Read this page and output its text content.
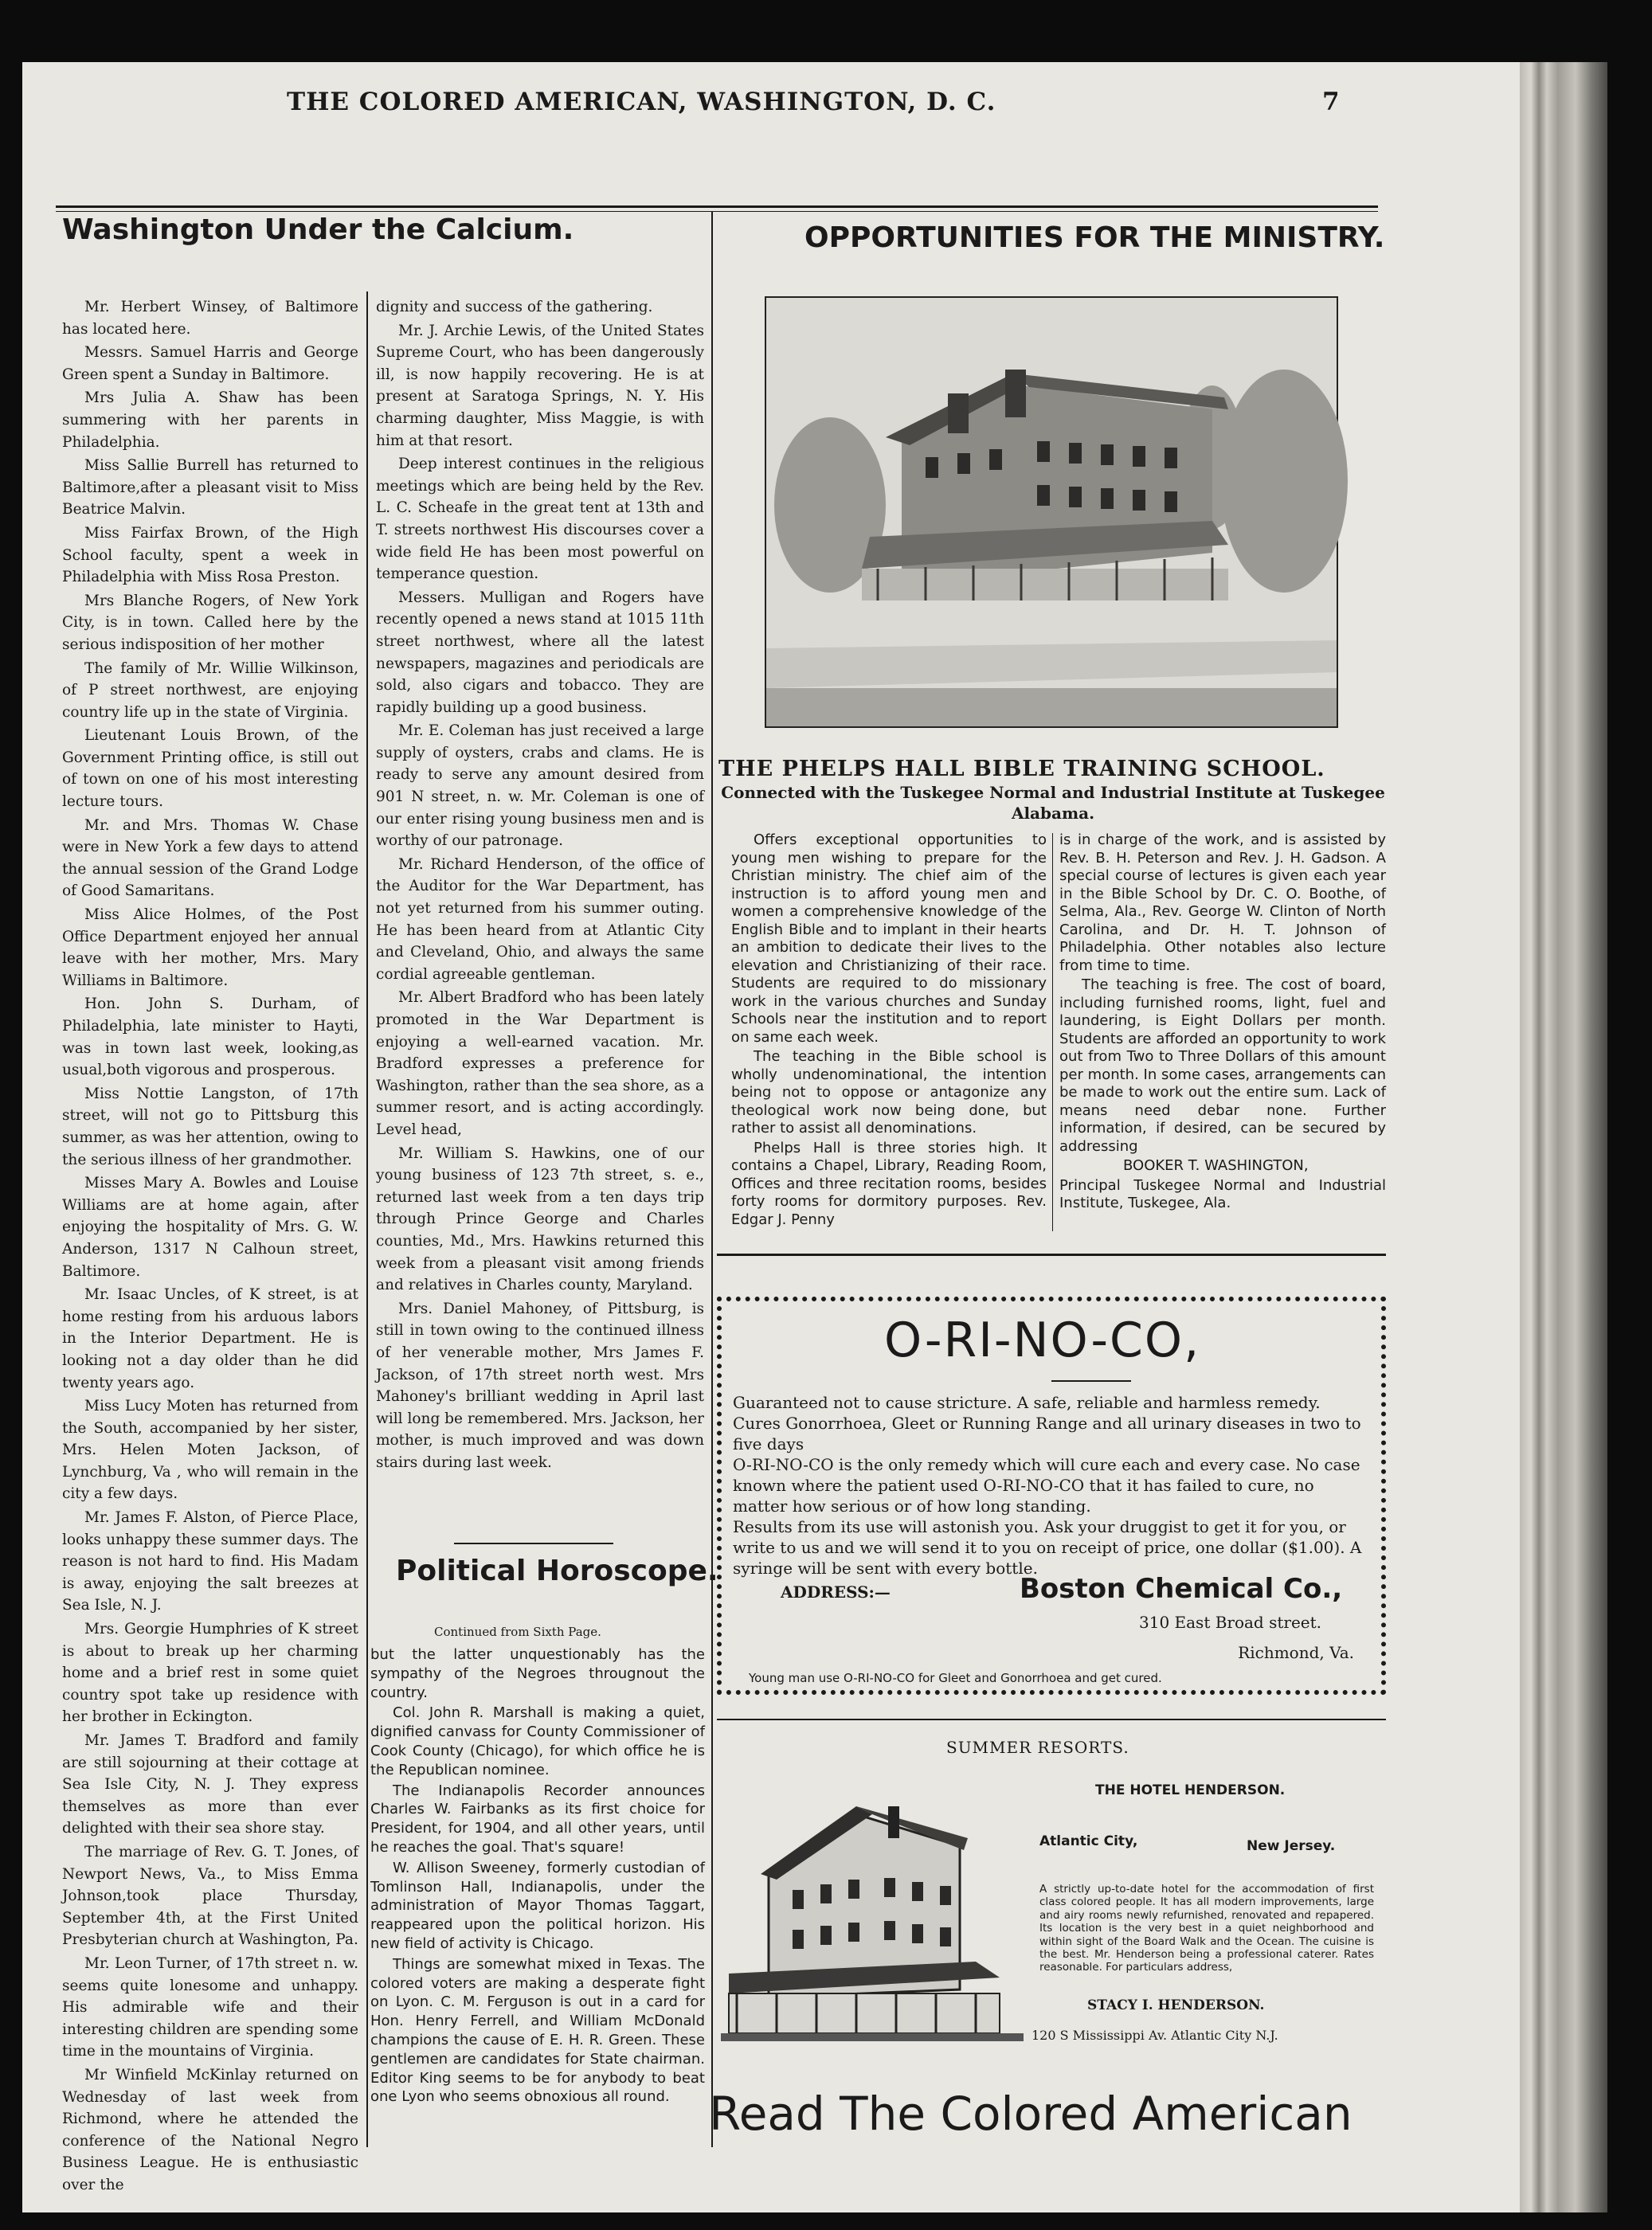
THE COLORED AMERICAN, WASHINGTON, D. C.	7
Washington Under the Calcium.

Mr. Herbert Winsey, of Baltimore has located here.

Messrs. Samuel Harris and George Green spent a Sunday in Baltimore.

Mrs Julia A. Shaw has been summering with her parents in Philadelphia.

Miss Sallie Burrell has returned to Baltimore,after a pleasant visit to Miss Beatrice Malvin.

Miss Fairfax Brown, of the High School faculty, spent a week in Philadelphia with Miss Rosa Preston.

Mrs Blanche Rogers, of New York City, is in town. Called here by the serious indisposition of her mother

The family of Mr. Willie Wilkinson, of P street northwest, are enjoying country life up in the state of Virginia.

Lieutenant Louis Brown, of the Government Printing office, is still out of town on one of his most interesting lecture tours.

Mr. and Mrs. Thomas W. Chase were in New York a few days to attend the annual session of the Grand Lodge of Good Samaritans.

Miss Alice Holmes, of the Post Office Department enjoyed her annual leave with her mother, Mrs. Mary Williams in Baltimore.

Hon. John S. Durham, of Philadelphia, late minister to Hayti, was in town last week, looking,as usual,both vigorous and prosperous.

Miss Nottie Langston, of 17th street, will not go to Pittsburg this summer, as was her attention, owing to the serious illness of her grandmother.

Misses Mary A. Bowles and Louise Williams are at home again, after enjoying the hospitality of Mrs. G. W. Anderson, 1317 N Calhoun street, Baltimore.

Mr. Isaac Uncles, of K street, is at home resting from his arduous labors in the Interior Department. He is looking not a day older than he did twenty years ago.

Miss Lucy Moten has returned from the South, accompanied by her sister, Mrs. Helen Moten Jackson, of Lynchburg, Va , who will remain in the city a few days.

Mr. James F. Alston, of Pierce Place, looks unhappy these summer days. The reason is not hard to find. His Madam is away, enjoying the salt breezes at Sea Isle, N. J.

Mrs. Georgie Humphries of K street is about to break up her charming home and a brief rest in some quiet country spot take up residence with her brother in Eckington.

Mr. James T. Bradford and family are still sojourning at their cottage at Sea Isle City, N. J. They express themselves as more than ever delighted with their sea shore stay.

The marriage of Rev. G. T. Jones, of Newport News, Va., to Miss Emma Johnson,took place Thursday, September 4th, at the First United Presbyterian church at Washington, Pa.

Mr. Leon Turner, of 17th street n. w. seems quite lonesome and unhappy. His admirable wife and their interesting children are spending some time in the mountains of Virginia.

Mr Winfield McKinlay returned on Wednesday of last week from Richmond, where he attended the conference of the National Negro Business League. He is enthusiastic over the

dignity and success of the gathering.

Mr. J. Archie Lewis, of the United States Supreme Court, who has been dangerously ill, is now happily recovering. He is at present at Saratoga Springs, N. Y. His charming daughter, Miss Maggie, is with him at that resort.

Deep interest continues in the religious meetings which are being held by the Rev. L. C. Scheafe in the great tent at 13th and T. streets northwest His discourses cover a wide field He has been most powerful on temperance question.

Messers. Mulligan and Rogers have recently opened a news stand at 1015 11th street northwest, where all the latest newspapers, magazines and periodicals are sold, also cigars and tobacco. They are rapidly building up a good business.

Mr. E. Coleman has just received a large supply of oysters, crabs and clams. He is ready to serve any amount desired from 901 N street, n. w. Mr. Coleman is one of our enter rising young business men and is worthy of our patronage.

Mr. Richard Henderson, of the office of the Auditor for the War Department, has not yet returned from his summer outing. He has been heard from at Atlantic City and Cleveland, Ohio, and always the same cordial agreeable gentleman.

Mr. Albert Bradford who has been lately promoted in the War Department is enjoying a well-earned vacation. Mr. Bradford expresses a preference for Washington, rather than the sea shore, as a summer resort, and is acting accordingly. Level head,

Mr. William S. Hawkins, one of our young business of 123 7th street, s. e., returned last week from a ten days trip through Prince George and Charles counties, Md., Mrs. Hawkins returned this week from a pleasant visit among friends and relatives in Charles county, Maryland.

Mrs. Daniel Mahoney, of Pittsburg, is still in town owing to the continued illness of her venerable mother, Mrs James F. Jackson, of 17th street north west. Mrs Mahoney's brilliant wedding in April last will long be remembered. Mrs. Jackson, her mother, is much improved and was down stairs during last week.

Political Horoscope.
Continued from Sixth Page.

but the latter unquestionably has the sympathy of the Negroes througnout the country.

Col. John R. Marshall is making a quiet, dignified canvass for County Commissioner of Cook County (Chicago), for which office he is the Republican nominee.

The Indianapolis Recorder announces Charles W. Fairbanks as its first choice for President, for 1904, and all other years, until he reaches the goal. That's square!

W. Allison Sweeney, formerly custodian of Tomlinson Hall, Indianapolis, under the administration of Mayor Thomas Taggart, reappeared upon the political horizon. His new field of activity is Chicago.

Things are somewhat mixed in Texas. The colored voters are making a desperate fight on Lyon. C. M. Ferguson is out in a card for Hon. Henry Ferrell, and William McDonald champions the cause of E. H. R. Green. These gentlemen are candidates for State chairman. Editor King seems to be for anybody to beat one Lyon who seems obnoxious all round.

OPPORTUNITIES FOR THE MINISTRY.
THE PHELPS HALL BIBLE TRAINING SCHOOL.
Connected with the Tuskegee Normal and Industrial Institute at Tuskegee Alabama.

Offers exceptional opportunities to young men wishing to prepare for the Christian ministry. The chief aim of the instruction is to afford young men and women a comprehensive knowledge of the English Bible and to implant in their hearts an ambition to dedicate their lives to the elevation and Christianizing of their race. Students are required to do missionary work in the various churches and Sunday Schools near the institution and to report on same each week.

The teaching in the Bible school is wholly undenominational, the intention being not to oppose or antagonize any theological work now being done, but rather to assist all denominations.

Phelps Hall is three stories high. It contains a Chapel, Library, Reading Room, Offices and three recitation rooms, besides forty rooms for dormitory purposes. Rev. Edgar J. Penny

is in charge of the work, and is assisted by Rev. B. H. Peterson and Rev. J. H. Gadson. A special course of lectures is given each year in the Bible School by Dr. C. O. Boothe, of Selma, Ala., Rev. George W. Clinton of North Carolina, and Dr. H. T. Johnson of Philadelphia. Other notables also lecture from time to time.

The teaching is free. The cost of board, including furnished rooms, light, fuel and laundering, is Eight Dollars per month. Students are afforded an opportunity to work out from Two to Three Dollars of this amount per month. In some cases, arrangements can be made to work out the entire sum. Lack of means need debar none. Further information, if desired, can be secured by addressing

BOOKER T. WASHINGTON,

Principal Tuskegee Normal and Industrial Institute, Tuskegee, Ala.

O-RI-NO-CO,

Guaranteed not to cause stricture. A safe, reliable and harmless remedy. Cures Gonorrhoea, Gleet or Running Range and all urinary diseases in two to five days

O-RI-NO-CO is the only remedy which will cure each and every case. No case known where the patient used O-RI-NO-CO that it has failed to cure, no matter how serious or of how long standing.

Results from its use will astonish you. Ask your druggist to get it for you, or write to us and we will send it to you on receipt of price, one dollar ($1.00). A syringe will be sent with every bottle.

ADDRESS:—	Boston Chemical Co.,
310 East Broad street.
Richmond, Va.
Young man use O-RI-NO-CO for Gleet and Gonorrhoea and get cured.
SUMMER RESORTS.
THE HOTEL HENDERSON.
Atlantic City,	New Jersey.
A strictly up-to-date hotel for the accommodation of first class colored people. It has all modern improvements, large and airy rooms newly refurnished, renovated and repapered. Its location is the very best in a quiet neighborhood and within sight of the Board Walk and the Ocean. The cuisine is the best. Mr. Henderson being a professional caterer. Rates reasonable. For particulars address,
STACY I. HENDERSON.
120 S Mississippi Av. Atlantic City N.J.
Read The Colored American
